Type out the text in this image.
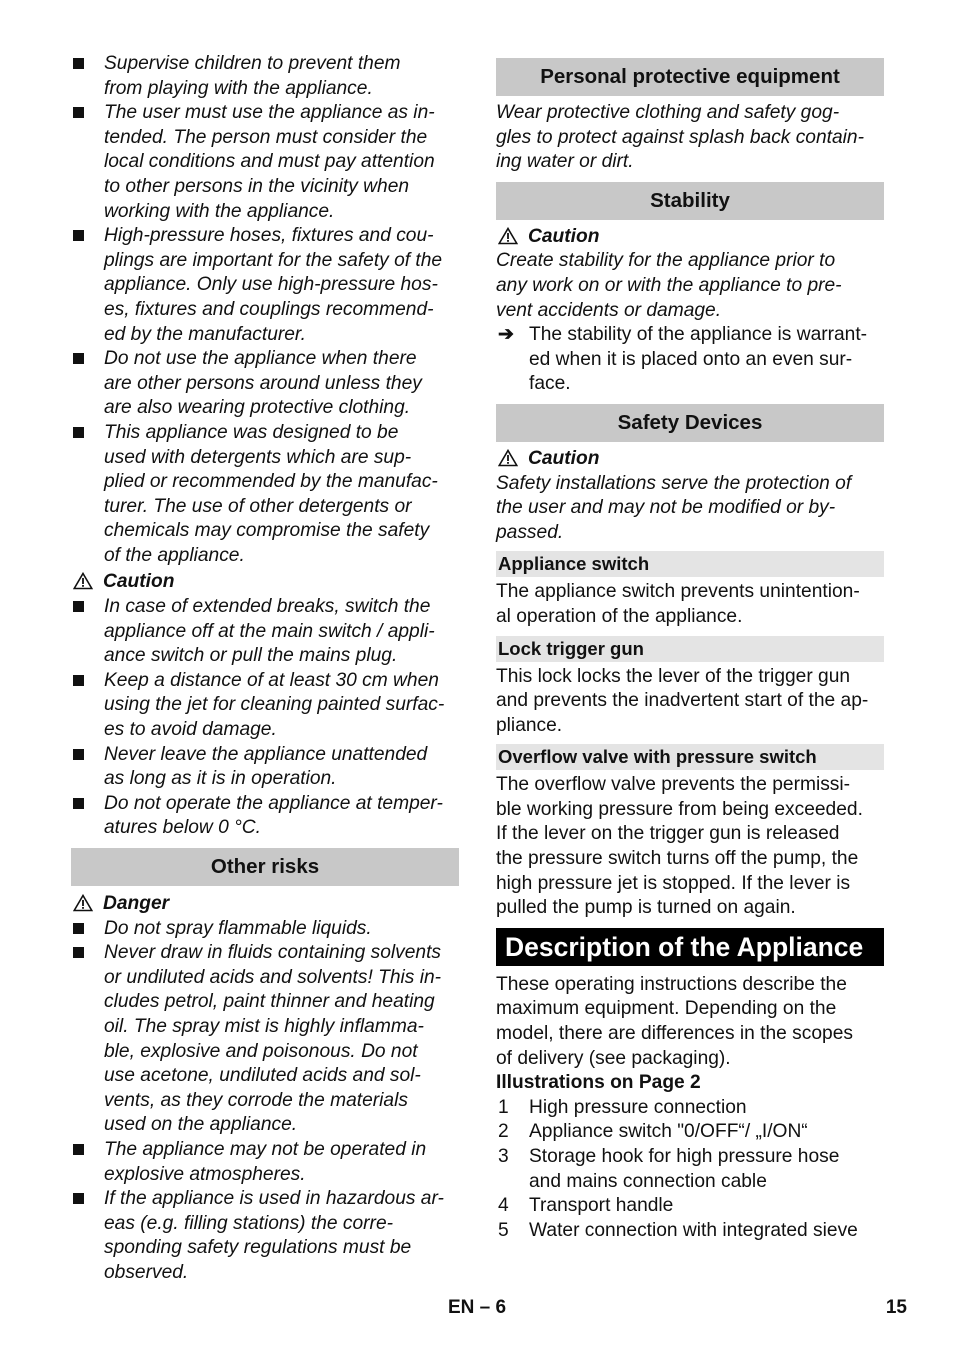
Supervise children to prevent them
from playing with the appliance.
The user must use the appliance as in-
tended. The person must consider the
local conditions and must pay attention
to other persons in the vicinity when
working with the appliance.
High-pressure hoses, fixtures and cou-
plings are important for the safety of the
appliance. Only use high-pressure hos-
es, fixtures and couplings recommend-
ed by the manufacturer.
Do not use the appliance when there
are other persons around unless they
are also wearing protective clothing.
This appliance was designed to be
used with detergents which are sup-
plied or recommended by the manufac-
turer. The use of other detergents or
chemicals may compromise the safety
of the appliance.
Caution
In case of extended breaks, switch the
appliance off at the main switch / appli-
ance switch or pull the mains plug.
Keep a distance of at least 30 cm when
using the jet for cleaning painted surfac-
es to avoid damage.
Never leave the appliance unattended
as long as it is in operation.
Do not operate the appliance at temper-
atures below 0 °C.
Other risks
Danger
Do not spray flammable liquids.
Never draw in fluids containing solvents
or undiluted acids and solvents! This in-
cludes petrol, paint thinner and heating
oil. The spray mist is highly inflamma-
ble, explosive and poisonous. Do not
use acetone, undiluted acids and sol-
vents, as they corrode the materials
used on the appliance.
The appliance may not be operated in
explosive atmospheres.
If the appliance is used in hazardous ar-
eas (e.g. filling stations) the corre-
sponding safety regulations must be
observed.
Personal protective equipment
Wear protective clothing and safety gog-
gles to protect against splash back contain-
ing water or dirt.
Stability
Caution
Create stability for the appliance prior to
any work on or with the appliance to pre-
vent accidents or damage.
➔ The stability of the appliance is warrant-
ed when it is placed onto an even sur-
face.
Safety Devices
Caution
Safety installations serve the protection of
the user and may not be modified or by-
passed.
Appliance switch
The appliance switch prevents unintention-
al operation of the appliance.
Lock trigger gun
This lock locks the lever of the trigger gun
and prevents the inadvertent start of the ap-
pliance.
Overflow valve with pressure switch
The overflow valve prevents the permissi-
ble working pressure from being exceeded.
If the lever on the trigger gun is released
the pressure switch turns off the pump, the
high pressure jet is stopped. If the lever is
pulled the pump is turned on again.
Description of the Appliance
These operating instructions describe the
maximum equipment. Depending on the
model, there are differences in the scopes
of delivery (see packaging).
Illustrations on Page 2
1 High pressure connection
2 Appliance switch "0/OFF“/ „I/ON“
3 Storage hook for high pressure hose
and mains connection cable
4 Transport handle
5 Water connection with integrated sieve
EN – 6	15
